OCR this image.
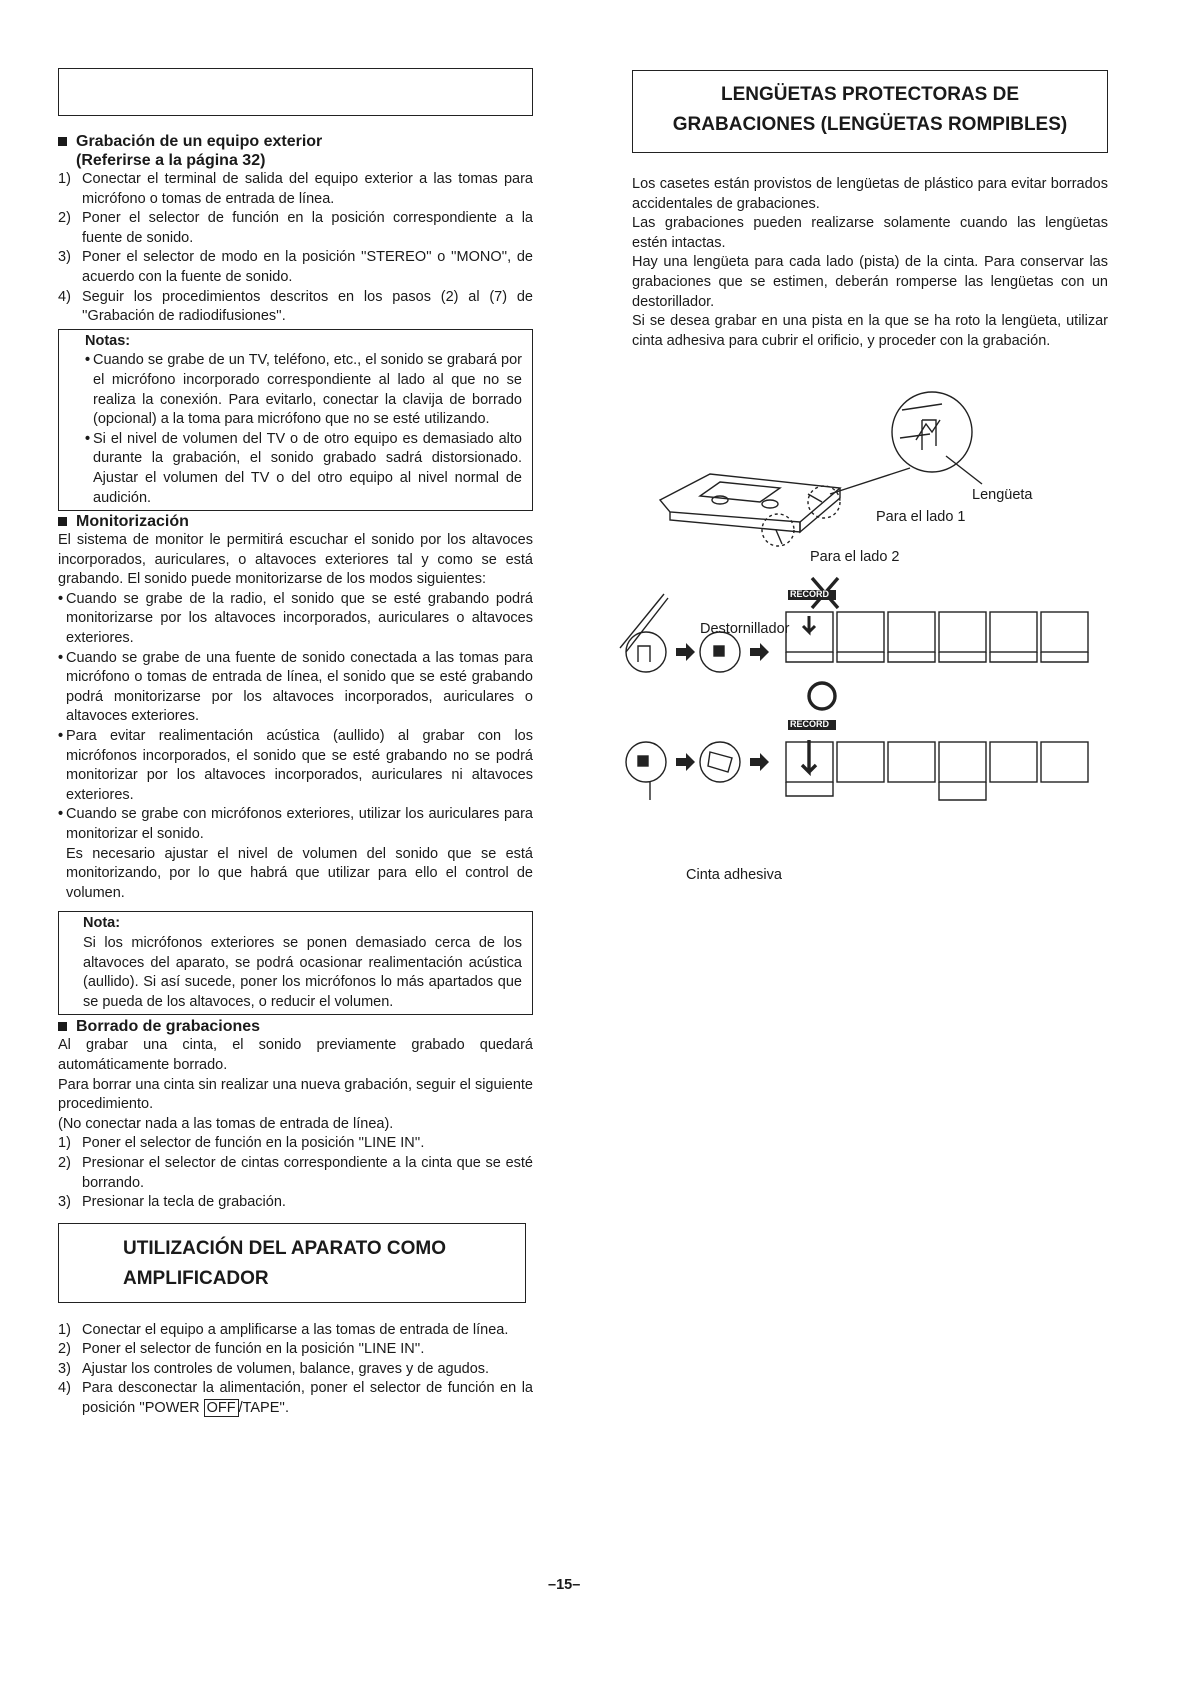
Grabación de un equipo exterior
(Referirse a la página 32)
1) Conectar el terminal de salida del equipo exterior a las tomas para micrófono o tomas de entrada de línea.
2) Poner el selector de función en la posición correspondiente a la fuente de sonido.
3) Poner el selector de modo en la posición ''STEREO'' o ''MONO'', de acuerdo con la fuente de sonido.
4) Seguir los procedimientos descritos en los pasos (2) al (7) de ''Grabación de radiodifusiones''.
Notas:
• Cuando se grabe de un TV, teléfono, etc., el sonido se grabará por el micrófono incorporado correspondiente al lado al que no se realiza la conexión. Para evitarlo, conectar la clavija de borrado (opcional) a la toma para micrófono que no se esté utilizando.
• Si el nivel de volumen del TV o de otro equipo es demasiado alto durante la grabación, el sonido grabado sadrá distorsionado. Ajustar el volumen del TV o del otro equipo al nivel normal de audición.
Monitorización

El sistema de monitor le permitirá escuchar el sonido por los altavoces incorporados, auriculares, o altavoces exteriores tal y como se está grabando. El sonido puede monitorizarse de los modos siguientes:

• Cuando se grabe de la radio, el sonido que se esté grabando podrá monitorizarse por los altavoces incorporados, auriculares o altavoces exteriores.
• Cuando se grabe de una fuente de sonido conectada a las tomas para micrófono o tomas de entrada de línea, el sonido que se esté grabando podrá monitorizarse por los altavoces incorporados, auriculares o altavoces exteriores.
• Para evitar realimentación acústica (aullido) al grabar con los micrófonos incorporados, el sonido que se esté grabando no se podrá monitorizar por los altavoces incorporados, auriculares ni altavoces exteriores.
• Cuando se grabe con micrófonos exteriores, utilizar los auriculares para monitorizar el sonido.

Es necesario ajustar el nivel de volumen del sonido que se está monitorizando, por lo que habrá que utilizar para ello el control de volumen.

Nota:
Si los micrófonos exteriores se ponen demasiado cerca de los altavoces del aparato, se podrá ocasionar realimentación acústica (aullido). Si así sucede, poner los micrófonos lo más apartados que se pueda de los altavoces, o reducir el volumen.
Borrado de grabaciones

Al grabar una cinta, el sonido previamente grabado quedará automáticamente borrado.

Para borrar una cinta sin realizar una nueva grabación, seguir el siguiente procedimiento.

(No conectar nada a las tomas de entrada de línea).

1) Poner el selector de función en la posición ''LINE IN''.
2) Presionar el selector de cintas correspondiente a la cinta que se esté borrando.
3) Presionar la tecla de grabación.
UTILIZACIÓN DEL APARATO COMO
AMPLIFICADOR
1) Conectar el equipo a amplificarse a las tomas de entrada de línea.
2) Poner el selector de función en la posición ''LINE IN''.
3) Ajustar los controles de volumen, balance, graves y de agudos.
4) Para desconectar la alimentación, poner el selector de función en la posición ''POWER OFF /TAPE''.
LENGÜETAS PROTECTORAS DE
GRABACIONES (LENGÜETAS ROMPIBLES)

Los casetes están provistos de lengüetas de plástico para evitar borrados accidentales de grabaciones.

Las grabaciones pueden realizarse solamente cuando las lengüetas estén intactas.

Hay una lengüeta para cada lado (pista) de la cinta. Para conservar las grabaciones que se estimen, deberán romperse las lengüetas con un destorillador.

Si se desea grabar en una pista en la que se ha roto la lengüeta, utilizar cinta adhesiva para cubrir el orificio, y proceder con la grabación.

Lengüeta
Para el lado 1
Para el lado 2
Destornillador
RECORD
RECORD
Cinta adhesiva
–15–
